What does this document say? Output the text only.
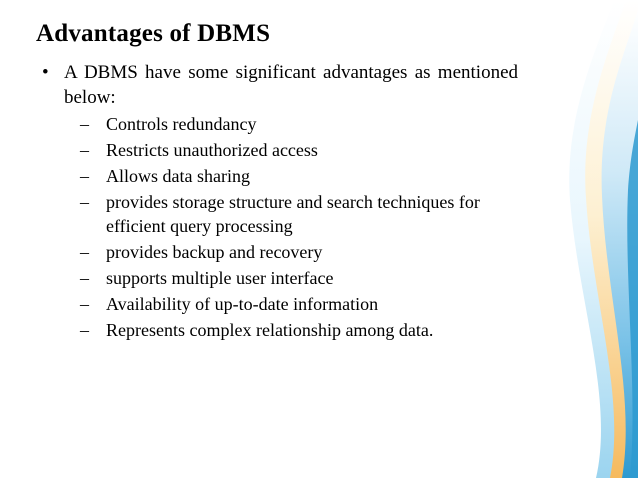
Advantages of DBMS
• A DBMS have some significant advantages as mentioned below:
– Controls redundancy
– Restricts unauthorized access
– Allows data sharing
– provides storage structure and search techniques for efficient query processing
– provides backup and recovery
– supports multiple user interface
– Availability of up-to-date information
– Represents complex relationship among data.
